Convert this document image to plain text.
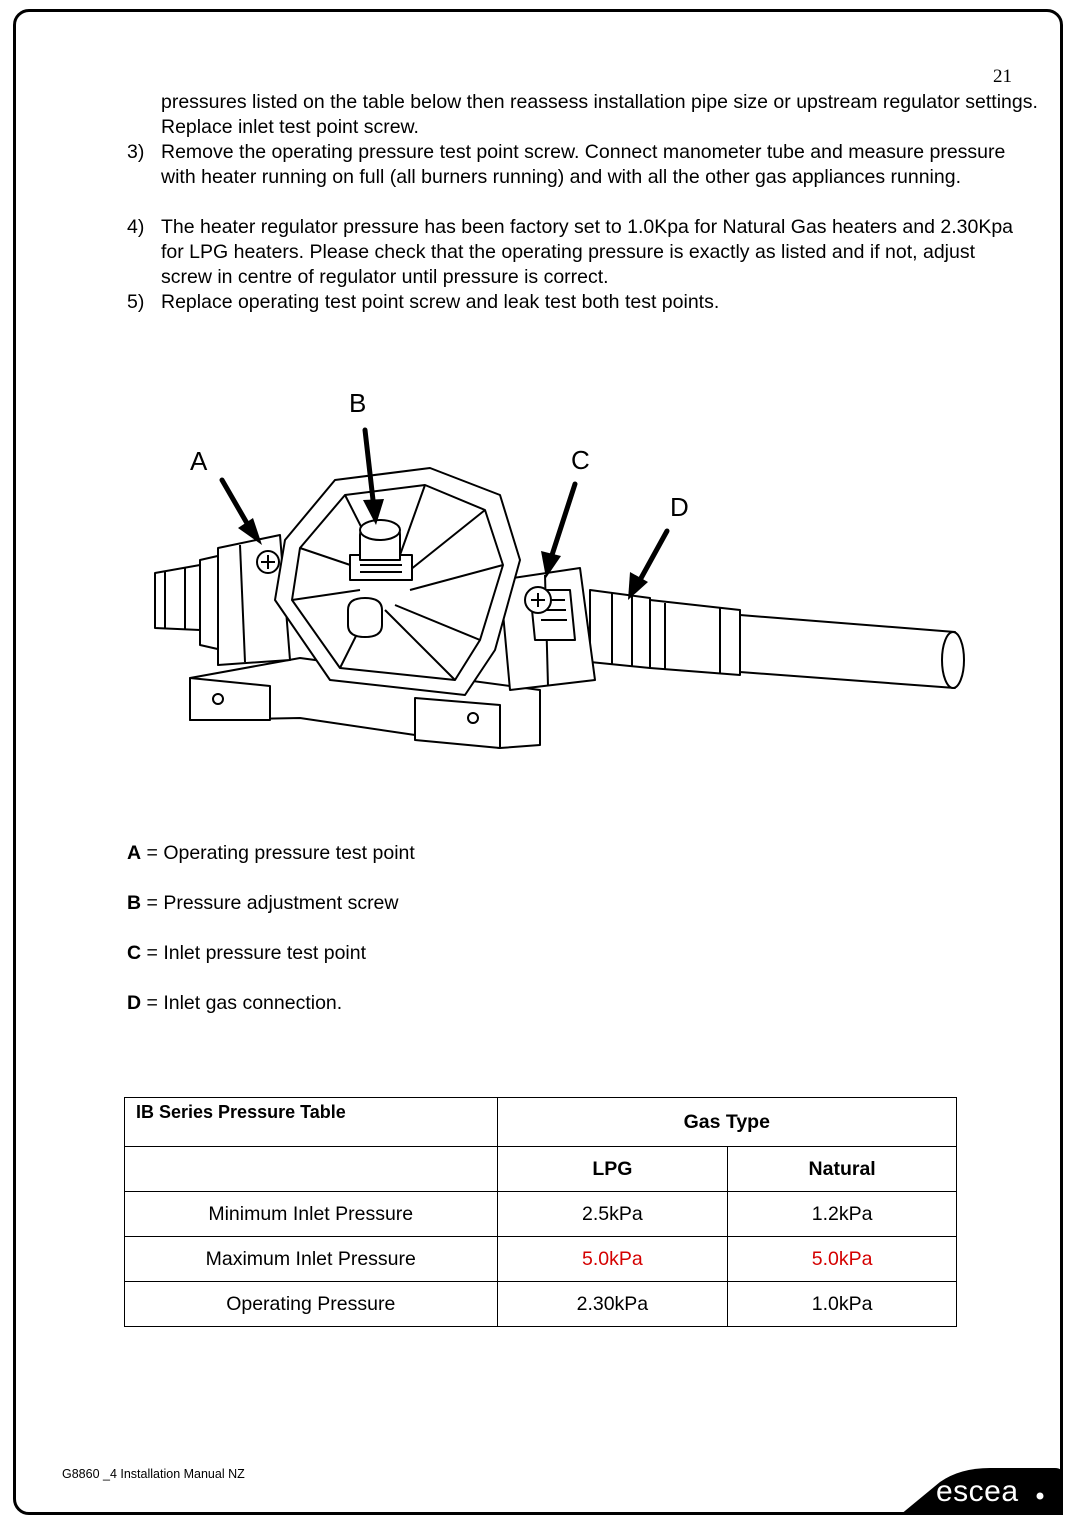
21
pressures listed on the table below then reassess installation pipe size or upstream regulator settings. Replace inlet test point screw.
3) Remove the operating pressure test point screw. Connect manometer tube and measure pressure with heater running on full (all burners running) and with all the other gas appliances running.
4) The heater regulator pressure has been factory set to 1.0Kpa for Natural Gas heaters and 2.30Kpa for LPG heaters. Please check that the operating pressure is exactly as listed and if not, adjust screw in centre of regulator until pressure is correct.
5) Replace operating test point screw and leak test both test points.
A
B
C
D
A = Operating pressure test point
B = Pressure adjustment screw
C = Inlet pressure test point
D = Inlet gas connection.
IB Series Pressure Table	Gas Type	
	LPG	Natural
Minimum Inlet Pressure	2.5kPa	1.2kPa
Maximum Inlet Pressure	5.0kPa	5.0kPa
Operating Pressure	2.30kPa	1.0kPa
G8860 _4 Installation Manual NZ
escea
